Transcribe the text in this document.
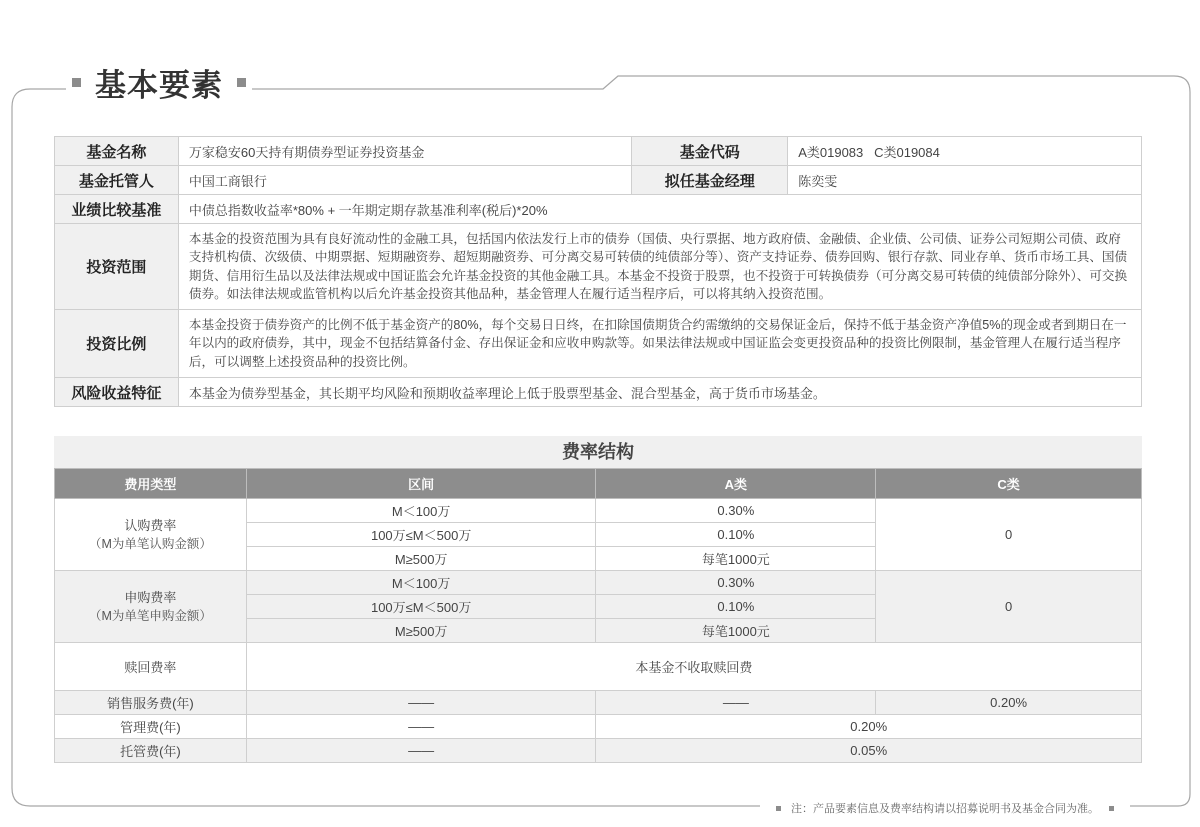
基本要素
基金名称	万家稳安60天持有期债券型证券投资基金	基金代码	A类019083   C类019084
基金托管人	中国工商银行	拟任基金经理	陈奕雯
业绩比较基准	中债总指数收益率*80% + 一年期定期存款基准利率(税后)*20%		
投资范围	本基金的投资范围为具有良好流动性的金融工具，包括国内依法发行上市的债券（国债、央行票据、地方政府债、金融债、企业债、公司债、证券公司短期公司债、政府支持机构债、次级债、中期票据、短期融资券、超短期融资券、可分离交易可转债的纯债部分等）、资产支持证券、债券回购、银行存款、同业存单、货币市场工具、国债期货、信用衍生品以及法律法规或中国证监会允许基金投资的其他金融工具。本基金不投资于股票，也不投资于可转换债券（可分离交易可转债的纯债部分除外）、可交换债券。如法律法规或监管机构以后允许基金投资其他品种，基金管理人在履行适当程序后，可以将其纳入投资范围。		
投资比例	本基金投资于债券资产的比例不低于基金资产的80%，每个交易日日终，在扣除国债期货合约需缴纳的交易保证金后，保持不低于基金资产净值5%的现金或者到期日在一年以内的政府债券，其中，现金不包括结算备付金、存出保证金和应收申购款等。如果法律法规或中国证监会变更投资品种的投资比例限制，基金管理人在履行适当程序后，可以调整上述投资品种的投资比例。		
风险收益特征	本基金为债券型基金，其长期平均风险和预期收益率理论上低于股票型基金、混合型基金，高于货币市场基金。		
费率结构
费用类型	区间	A类	C类

认购费率
（M为单笔认购金额）	M＜100万	0.30%	0
	100万≤M＜500万	0.10%	
	M≥500万	每笔1000元	

申购费率
（M为单笔申购金额）	M＜100万	0.30%	0
	100万≤M＜500万	0.10%	
	M≥500万	每笔1000元	
赎回费率	本基金不收取赎回费		
销售服务费(年)	——	——	0.20%
管理费(年)	——	0.20%	
托管费(年)	——	0.05%	
注：产品要素信息及费率结构请以招募说明书及基金合同为准。
